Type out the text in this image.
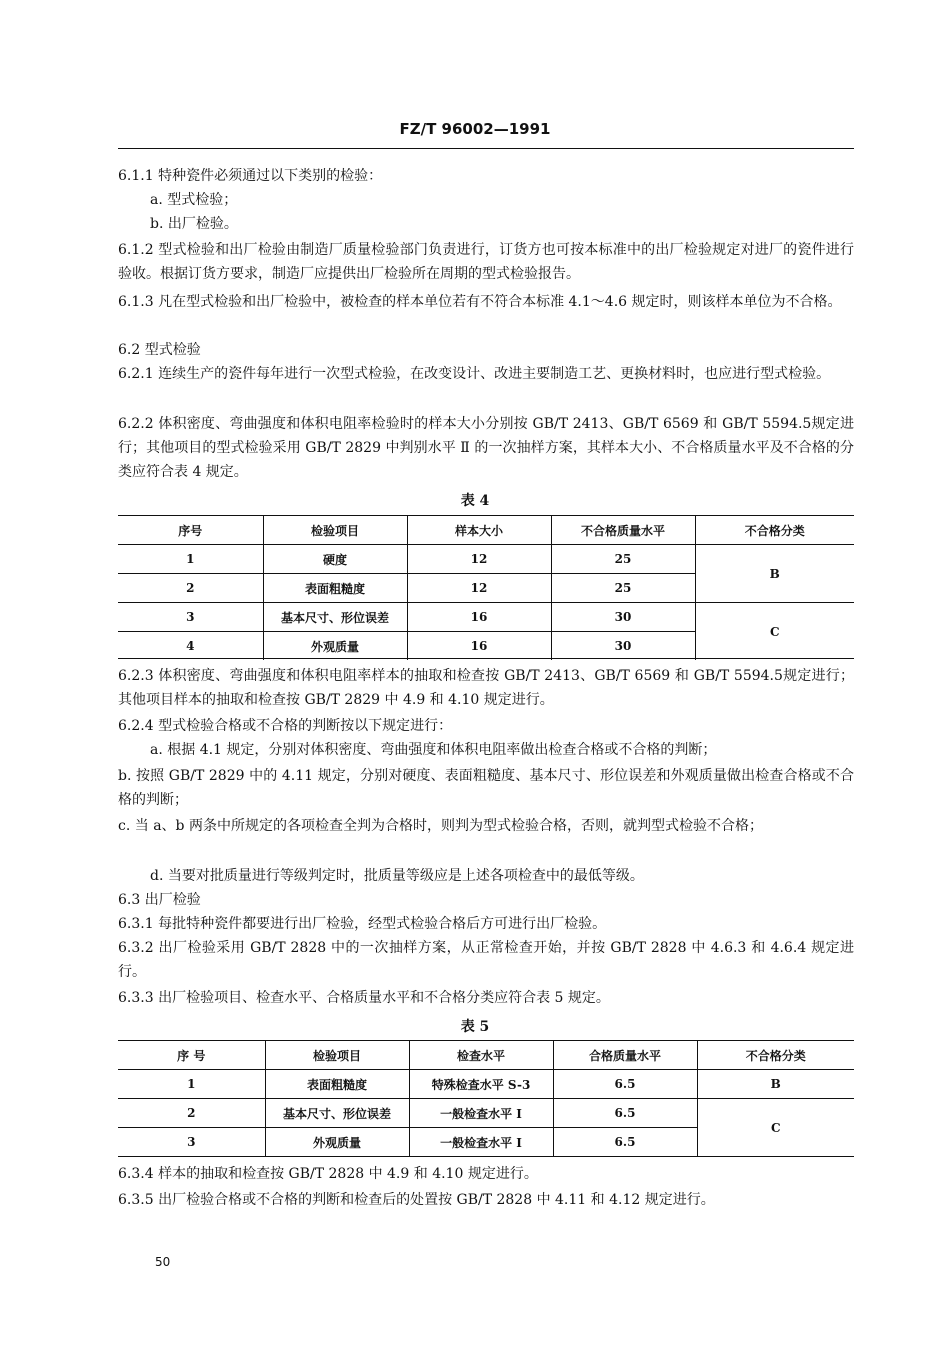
FZ/T 96002—1991

6.1.1 特种瓷件必须通过以下类别的检验：

a. 型式检验；

b. 出厂检验。

6.1.2 型式检验和出厂检验由制造厂质量检验部门负责进行，订货方也可按本标准中的出厂检验规定对进厂的瓷件进行验收。根据订货方要求，制造厂应提供出厂检验所在周期的型式检验报告。

6.1.3 凡在型式检验和出厂检验中，被检查的样本单位若有不符合本标准 4.1～4.6 规定时，则该样本单位为不合格。

6.2 型式检验

6.2.1 连续生产的瓷件每年进行一次型式检验，在改变设计、改进主要制造工艺、更换材料时，也应进行型式检验。

6.2.2 体积密度、弯曲强度和体积电阻率检验时的样本大小分别按 GB/T 2413、GB/T 6569 和 GB/T 5594.5规定进行；其他项目的型式检验采用 GB/T 2829 中判别水平 Ⅱ 的一次抽样方案，其样本大小、不合格质量水平及不合格的分类应符合表 4 规定。

表 4
序号	检验项目	样本大小	不合格质量水平	不合格分类
1	硬度	12	25	B
2	表面粗糙度	12	25	
3	基本尺寸、形位误差	16	30	C
4	外观质量	16	30	

6.2.3 体积密度、弯曲强度和体积电阻率样本的抽取和检查按 GB/T 2413、GB/T 6569 和 GB/T 5594.5规定进行；其他项目样本的抽取和检查按 GB/T 2829 中 4.9 和 4.10 规定进行。

6.2.4 型式检验合格或不合格的判断按以下规定进行：

a. 根据 4.1 规定，分别对体积密度、弯曲强度和体积电阻率做出检查合格或不合格的判断；

b. 按照 GB/T 2829 中的 4.11 规定，分别对硬度、表面粗糙度、基本尺寸、形位误差和外观质量做出检查合格或不合格的判断；

c. 当 a、b 两条中所规定的各项检查全判为合格时，则判为型式检验合格，否则，就判型式检验不合格；

d. 当要对批质量进行等级判定时，批质量等级应是上述各项检查中的最低等级。

6.3 出厂检验

6.3.1 每批特种瓷件都要进行出厂检验，经型式检验合格后方可进行出厂检验。

6.3.2 出厂检验采用 GB/T 2828 中的一次抽样方案，从正常检查开始，并按 GB/T 2828 中 4.6.3 和 4.6.4 规定进行。

6.3.3 出厂检验项目、检查水平、合格质量水平和不合格分类应符合表 5 规定。

表 5
序 号	检验项目	检查水平	合格质量水平	不合格分类
1	表面粗糙度	特殊检查水平 S-3	6.5	B
2	基本尺寸、形位误差	一般检查水平 Ⅰ	6.5	C
3	外观质量	一般检查水平 Ⅰ	6.5	

6.3.4 样本的抽取和检查按 GB/T 2828 中 4.9 和 4.10 规定进行。

6.3.5 出厂检验合格或不合格的判断和检查后的处置按 GB/T 2828 中 4.11 和 4.12 规定进行。

50
